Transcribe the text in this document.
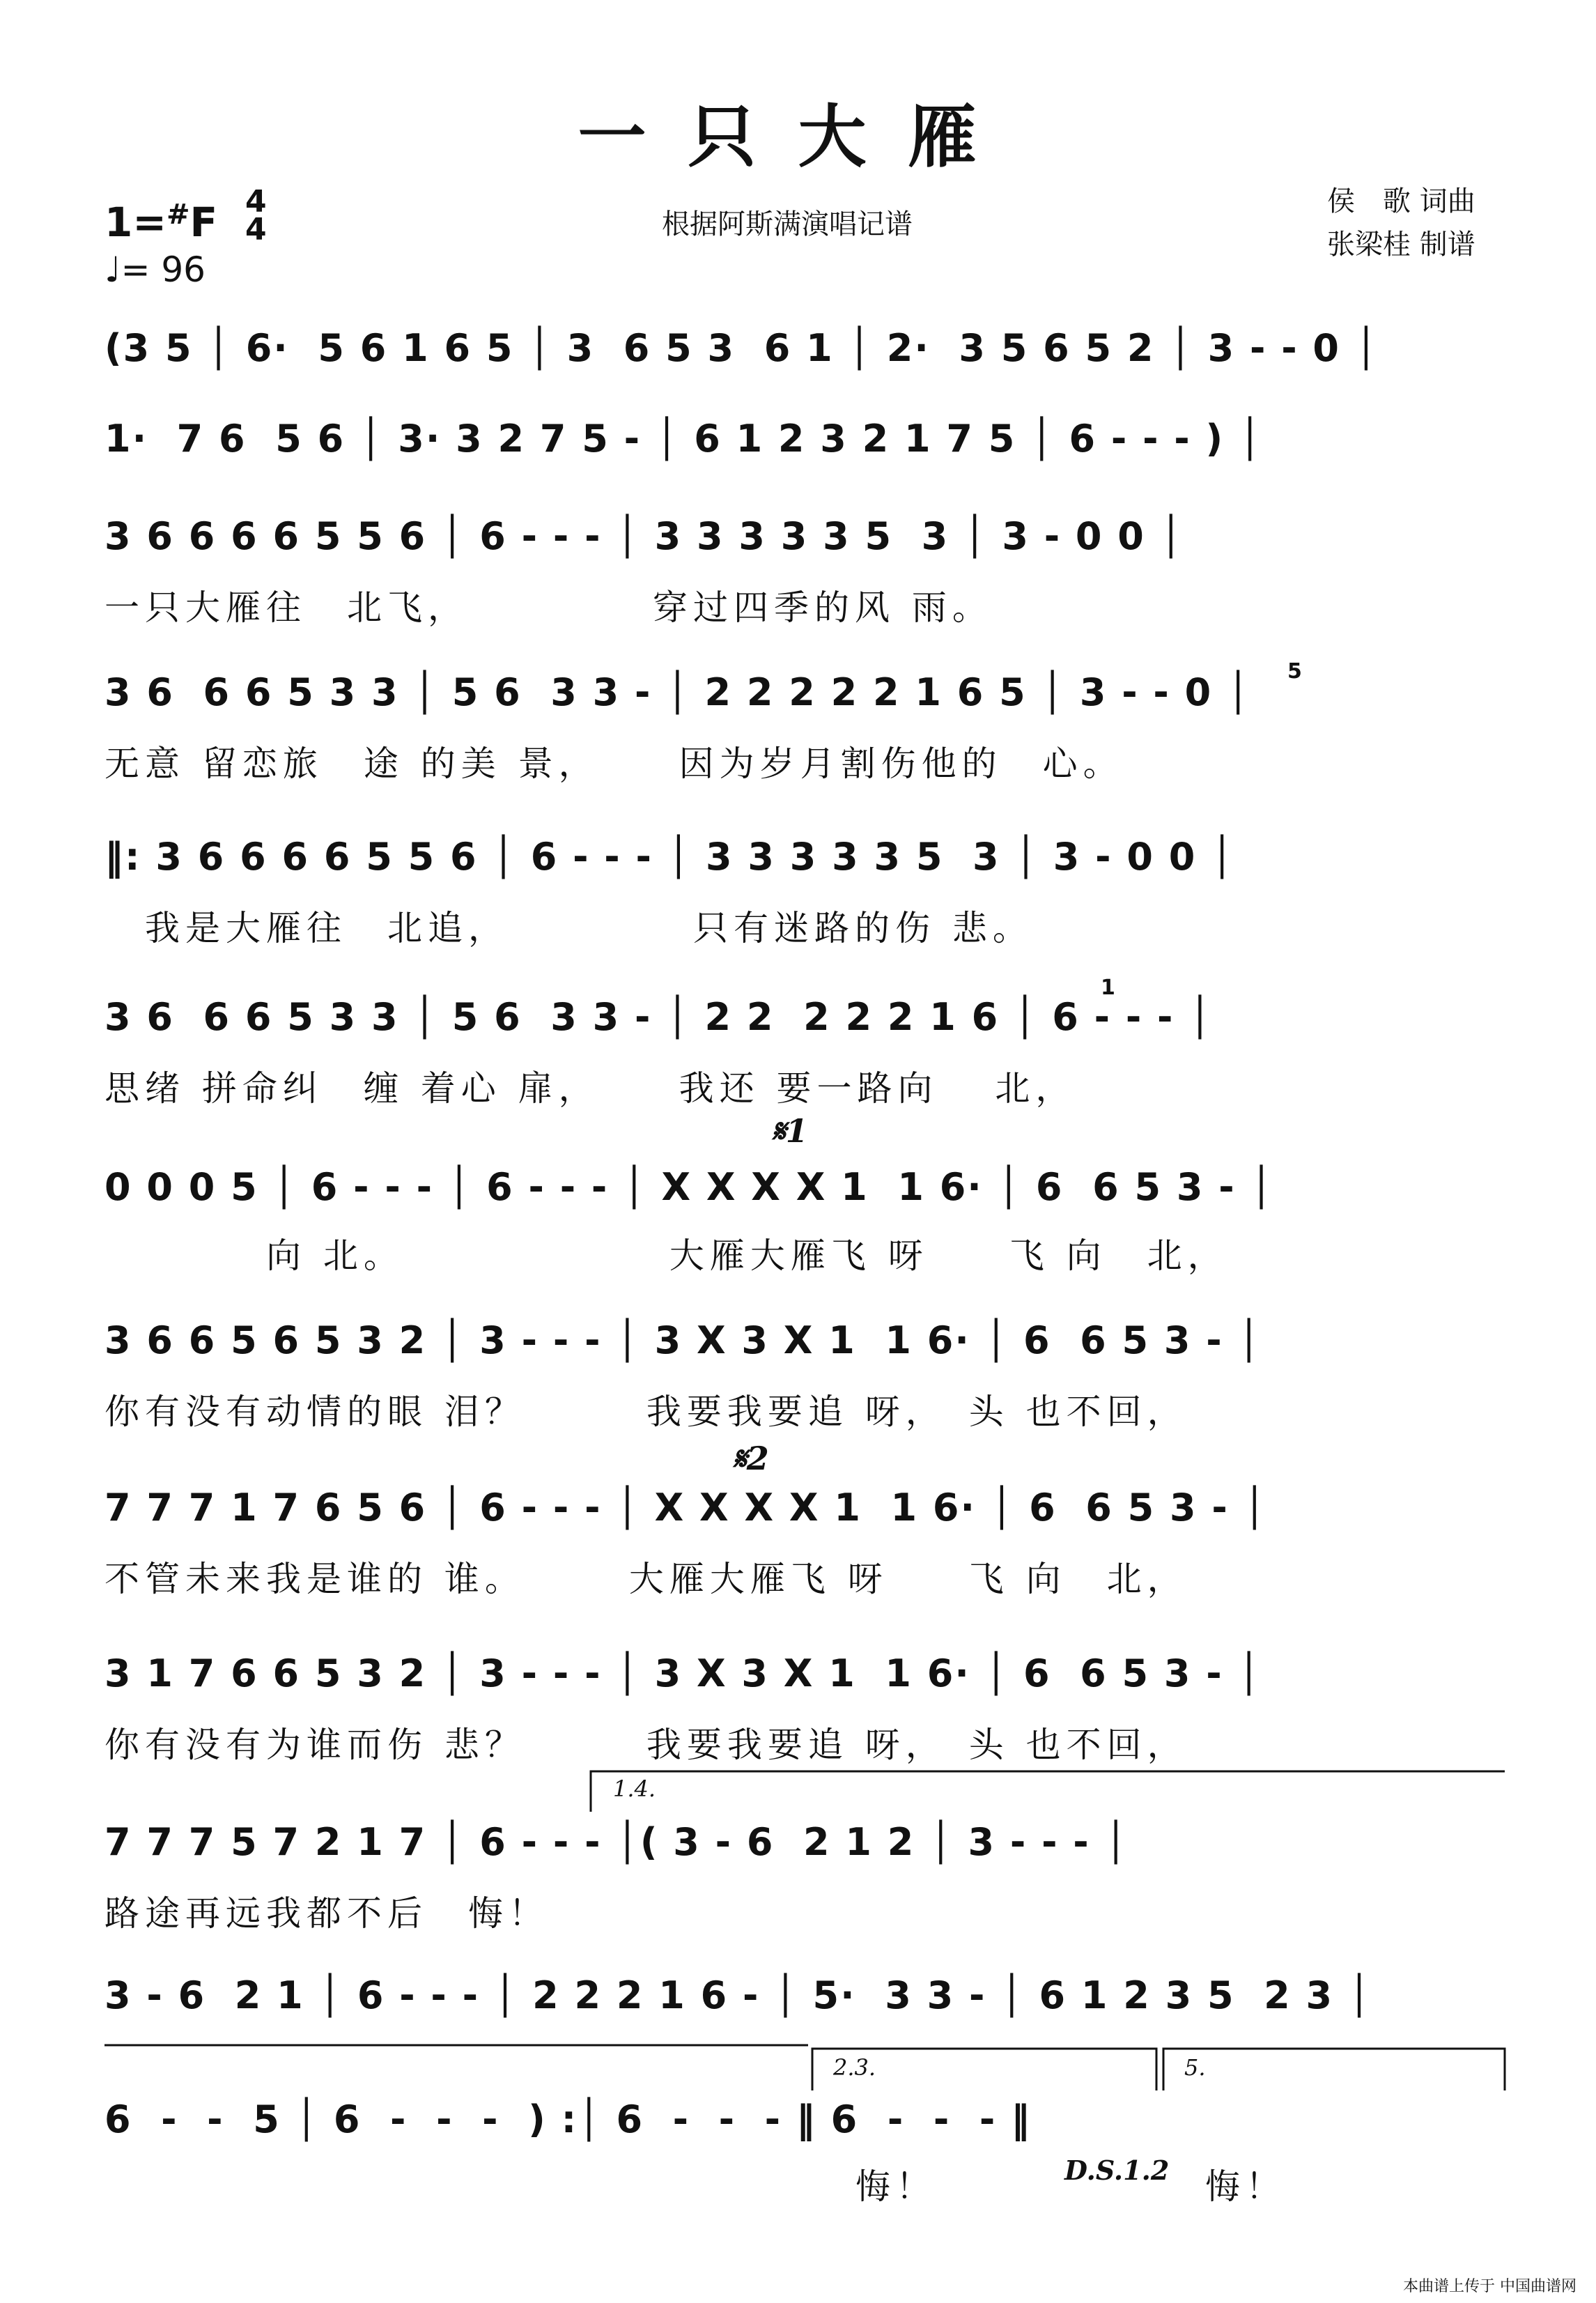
一只大雁
1=#F 4
4
♩= 96
根据阿斯满演唱记谱
侯　歌 词曲
张梁桂 制谱
(3 5 │ 6·  5 6 1 6 5 │ 3  6 5 3  6 1 │ 2·  3 5 6 5 2 │ 3 - - 0 │
1·  7 6  5 6 │ 3· 3 2 7 5 - │ 6 1 2 3 2 1 7 5 │ 6 - - - ) │
3 6 6 6 6 5 5 6 │ 6 - - - │ 3 3 3 3 3 5  3 │ 3 - 0 0 │
一只大雁往　北飞，　　　　　穿过四季的风 雨。
3 6  6 6 5 3 3 │ 5 6  3 3 - │ 2 2 2 2 2 1 6 5 │ 3 - - 0 │
无意 留恋旅　途 的美 景，　　 因为岁月割伤他的　心。
5
‖: 3 6 6 6 6 5 5 6 │ 6 - - - │ 3 3 3 3 3 5  3 │ 3 - 0 0 │
　我是大雁往　北追，　　　　　只有迷路的伤 悲。
3 6  6 6 5 3 3 │ 5 6  3 3 - │ 2 2  2 2 2 1 6 │ 6 - - - │
思绪 拼命纠　缠 着心 扉，　　 我还 要一路向　 北，
1
𝄋1
0 0 0 5 │ 6 - - - │ 6 - - - │ X X X X 1  1 6· │ 6  6 5 3 - │
　　　　向 北。　　　　　　　大雁大雁飞 呀　　飞 向　北，
3 6 6 5 6 5 3 2 │ 3 - - - │ 3 X 3 X 1  1 6· │ 6  6 5 3 - │
你有没有动情的眼 泪？　　　我要我要追 呀，　头 也不回，
𝄋2
7 7 7 1 7 6 5 6 │ 6 - - - │ X X X X 1  1 6· │ 6  6 5 3 - │
不管未来我是谁的 谁。　　　大雁大雁飞 呀　　飞 向　北，
3 1 7 6 6 5 3 2 │ 3 - - - │ 3 X 3 X 1  1 6· │ 6  6 5 3 - │
你有没有为谁而伤 悲？　　　我要我要追 呀，　头 也不回，
1.4.
7 7 7 5 7 2 1 7 │ 6 - - - │( 3 - 6  2 1 2 │ 3 - - - │
路途再远我都不后　悔！
3 - 6  2 1 │ 6 - - - │ 2 2 2 1 6 - │ 5·  3 3 - │ 6 1 2 3 5  2 3 │
2.3.	5.
6  -  -  5 │ 6  -  -  -  ) :│ 6  -  -  - ‖ 6  -  -  - ‖
悔！	D.S.1.2 悔！
本曲谱上传于 中国曲谱网
